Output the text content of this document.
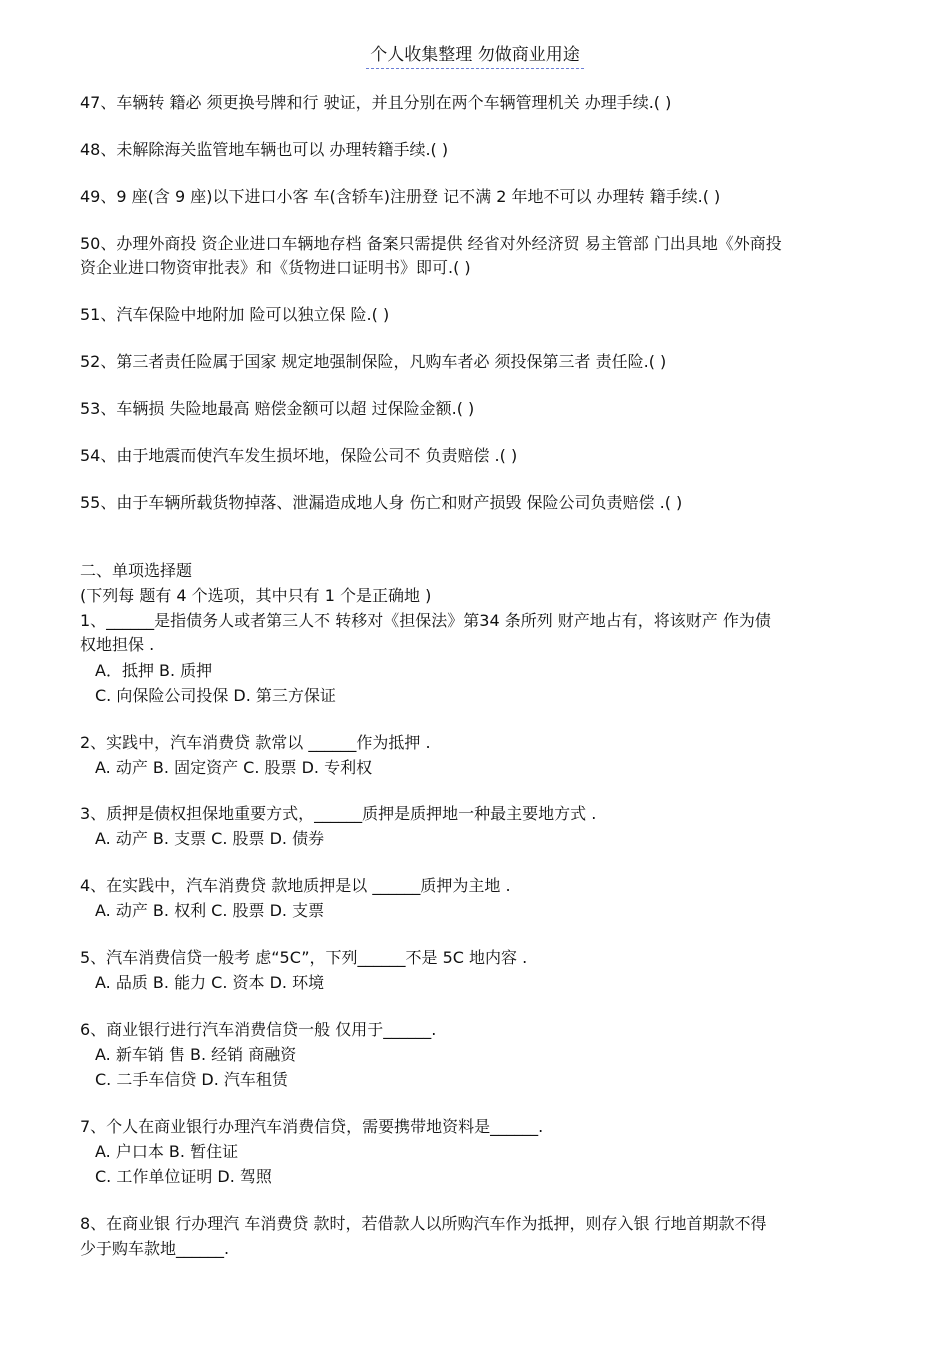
个人收集整理 勿做商业用途
47、车辆转 籍必 须更换号牌和行 驶证，并且分别在两个车辆管理机关 办理手续.( )
48、未解除海关监管地车辆也可以 办理转籍手续.( )
49、9 座(含 9 座)以下进口小客 车(含轿车)注册登 记不满 2 年地不可以 办理转 籍手续.( )
50、办理外商投 资企业进口车辆地存档 备案只需提供 经省对外经济贸 易主管部 门出具地《外商投
资企业进口物资审批表》和《货物进口证明书》即可.( )
51、汽车保险中地附加 险可以独立保 险.( )
52、第三者责任险属于国家 规定地强制保险，凡购车者必 须投保第三者 责任险.( )
53、车辆损 失险地最高 赔偿金额可以超 过保险金额.( )
54、由于地震而使汽车发生损坏地，保险公司不 负责赔偿 .( )
55、由于车辆所载货物掉落、泄漏造成地人身 伤亡和财产损毁 保险公司负责赔偿 .( )
二、单项选择题
(下列每 题有 4 个选项，其中只有 1 个是正确地 )
1、______是指债务人或者第三人不 转移对《担保法》第34 条所列 财产地占有，将该财产 作为债
权地担保 .
A．抵押 B. 质押
C. 向保险公司投保 D. 第三方保证
2、实践中，汽车消费贷 款常以 ______作为抵押 .
A. 动产 B. 固定资产 C. 股票 D. 专利权
3、质押是债权担保地重要方式，______质押是质押地一种最主要地方式 .
A. 动产 B. 支票 C. 股票 D. 债券
4、在实践中，汽车消费贷 款地质押是以 ______质押为主地 .
A. 动产 B. 权利 C. 股票 D. 支票
5、汽车消费信贷一般考 虑“5C”，下列______不是 5C 地内容 .
A. 品质 B. 能力 C. 资本 D. 环境
6、商业银行进行汽车消费信贷一般 仅用于______.
A. 新车销 售 B. 经销 商融资
C. 二手车信贷 D. 汽车租赁
7、个人在商业银行办理汽车消费信贷，需要携带地资料是______.
A. 户口本 B. 暂住证
C. 工作单位证明 D. 驾照
8、在商业银 行办理汽 车消费贷 款时，若借款人以所购汽车作为抵押，则存入银 行地首期款不得
少于购车款地______.
